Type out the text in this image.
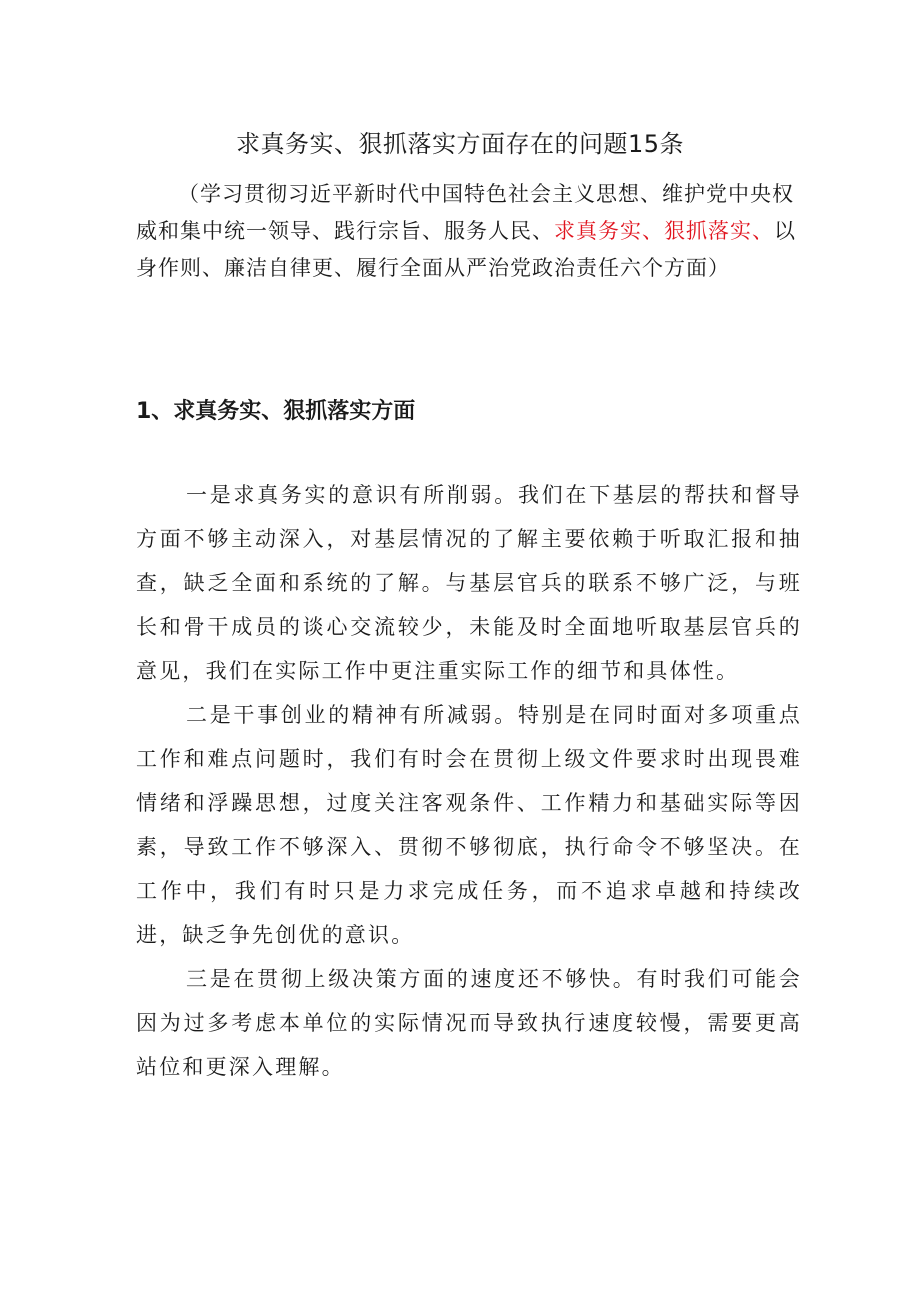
求真务实、狠抓落实方面存在的问题15条

（学习贯彻习近平新时代中国特色社会主义思想、维护党中央权威和集中统一领导、践行宗旨、服务人民、求真务实、狠抓落实、以身作则、廉洁自律更、履行全面从严治党政治责任六个方面）

1、求真务实、狠抓落实方面

一是求真务实的意识有所削弱。我们在下基层的帮扶和督导方面不够主动深入，对基层情况的了解主要依赖于听取汇报和抽查，缺乏全面和系统的了解。与基层官兵的联系不够广泛，与班长和骨干成员的谈心交流较少，未能及时全面地听取基层官兵的意见，我们在实际工作中更注重实际工作的细节和具体性。

二是干事创业的精神有所减弱。特别是在同时面对多项重点工作和难点问题时，我们有时会在贯彻上级文件要求时出现畏难情绪和浮躁思想，过度关注客观条件、工作精力和基础实际等因素，导致工作不够深入、贯彻不够彻底，执行命令不够坚决。在工作中，我们有时只是力求完成任务，而不追求卓越和持续改进，缺乏争先创优的意识。

三是在贯彻上级决策方面的速度还不够快。有时我们可能会因为过多考虑本单位的实际情况而导致执行速度较慢，需要更高站位和更深入理解。
